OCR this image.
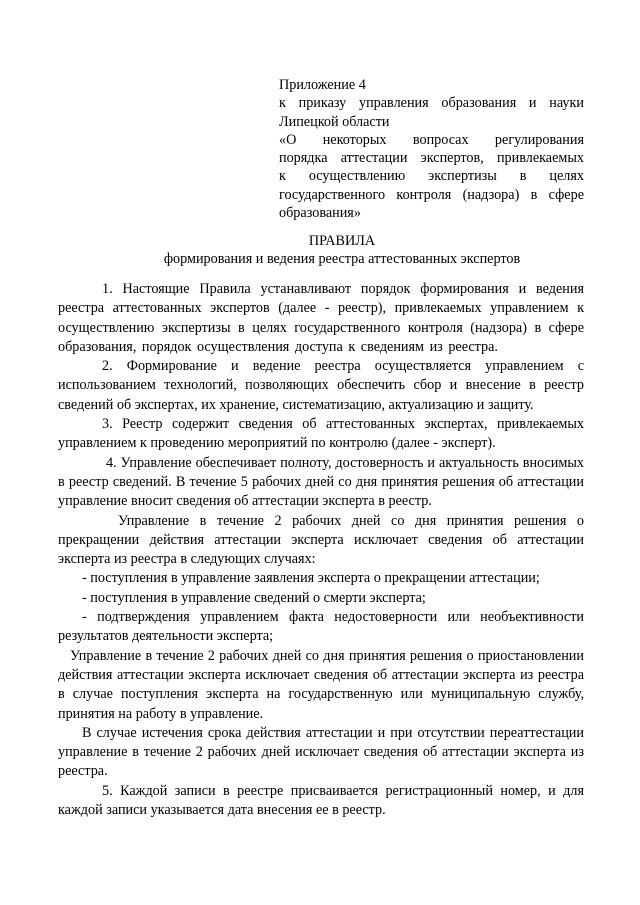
Приложение 4
к приказу управления образования и науки
Липецкой области
«О некоторых вопросах регулирования
порядка аттестации экспертов, привлекаемых
к осуществлению экспертизы в целях
государственного контроля (надзора) в сфере
образования»
ПРАВИЛА
формирования и ведения реестра аттестованных экспертов

1. Настоящие Правила устанавливают порядок формирования и ведения реестра аттестованных экспертов (далее - реестр), привлекаемых управлением к осуществлению экспертизы в целях государственного контроля (надзора) в сфере образования, порядок осуществления доступа к сведениям из реестра.

2. Формирование и ведение реестра осуществляется управлением с использованием технологий, позволяющих обеспечить сбор и внесение в реестр сведений об экспертах, их хранение, систематизацию, актуализацию и защиту.

3. Реестр содержит сведения об аттестованных экспертах, привлекаемых управлением к проведению мероприятий по контролю (далее - эксперт).

4. Управление обеспечивает полноту, достоверность и актуальность вносимых в реестр сведений. В течение 5 рабочих дней со дня принятия решения об аттестации управление вносит сведения об аттестации эксперта в реестр.

Управление в течение 2 рабочих дней со дня принятия решения о прекращении действия аттестации эксперта исключает сведения об аттестации эксперта из реестра в следующих случаях:

- поступления в управление заявления эксперта о прекращении аттестации;

- поступления в управление сведений о смерти эксперта;

- подтверждения управлением факта недостоверности или необъективности результатов деятельности эксперта;

Управление в течение 2 рабочих дней со дня принятия решения о приостановлении действия аттестации эксперта исключает сведения об аттестации эксперта из реестра в случае поступления эксперта на государственную или муниципальную службу, принятия на работу в управление.

В случае истечения срока действия аттестации и при отсутствии переаттестации управление в течение 2 рабочих дней исключает сведения об аттестации эксперта из реестра.

5. Каждой записи в реестре присваивается регистрационный номер, и для каждой записи указывается дата внесения ее в реестр.
